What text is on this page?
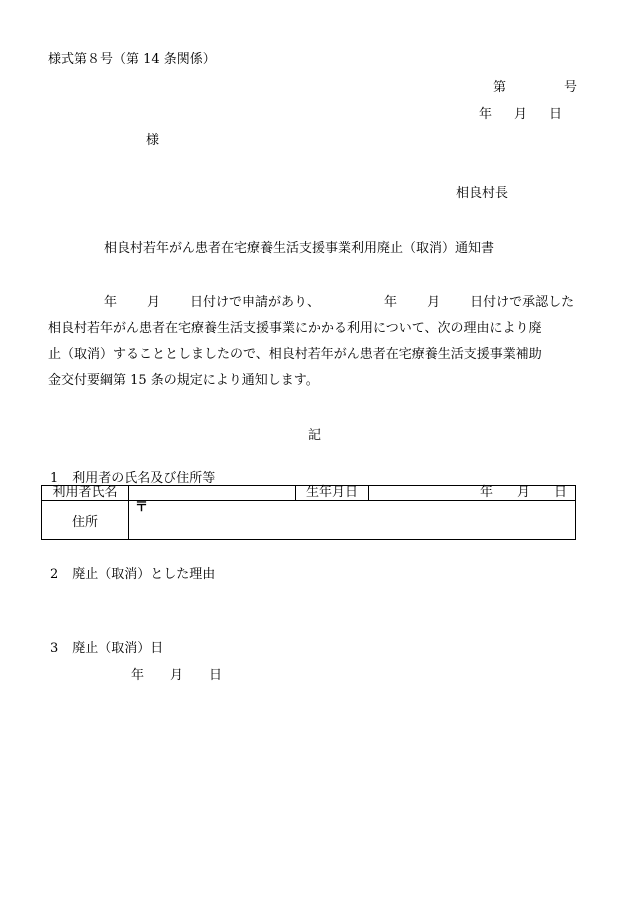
様式第８号（第 14 条関係）
第	号
年 月 日
様
相良村長
相良村若年がん患者在宅療養生活支援事業利用廃止（取消）通知書
年 月 日付けで申請があり、	年 月 日付けで承認した
相良村若年がん患者在宅療養生活支援事業にかかる利用について、次の理由により廃
止（取消）することとしましたので、相良村若年がん患者在宅療養生活支援事業補助
金交付要綱第 15 条の規定により通知します。
記
1 利用者の氏名及び住所等
利用者氏名		生年月日	年 月 日
住所	〒		
2 廃止（取消）とした理由
3 廃止（取消）日
年 月 日
